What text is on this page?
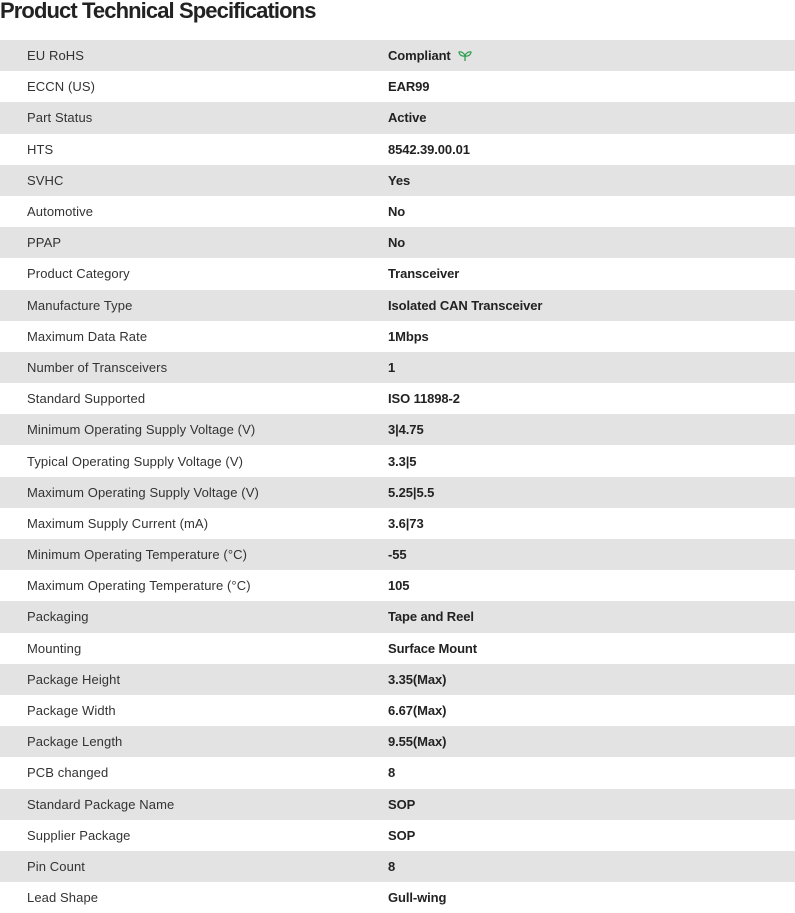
Product Technical Specifications
EU RoHS	Compliant
ECCN (US)	EAR99
Part Status	Active
HTS	8542.39.00.01
SVHC	Yes
Automotive	No
PPAP	No
Product Category	Transceiver
Manufacture Type	Isolated CAN Transceiver
Maximum Data Rate	1Mbps
Number of Transceivers	1
Standard Supported	ISO 11898-2
Minimum Operating Supply Voltage (V)	3|4.75
Typical Operating Supply Voltage (V)	3.3|5
Maximum Operating Supply Voltage (V)	5.25|5.5
Maximum Supply Current (mA)	3.6|73
Minimum Operating Temperature (°C)	-55
Maximum Operating Temperature (°C)	105
Packaging	Tape and Reel
Mounting	Surface Mount
Package Height	3.35(Max)
Package Width	6.67(Max)
Package Length	9.55(Max)
PCB changed	8
Standard Package Name	SOP
Supplier Package	SOP
Pin Count	8
Lead Shape	Gull-wing
